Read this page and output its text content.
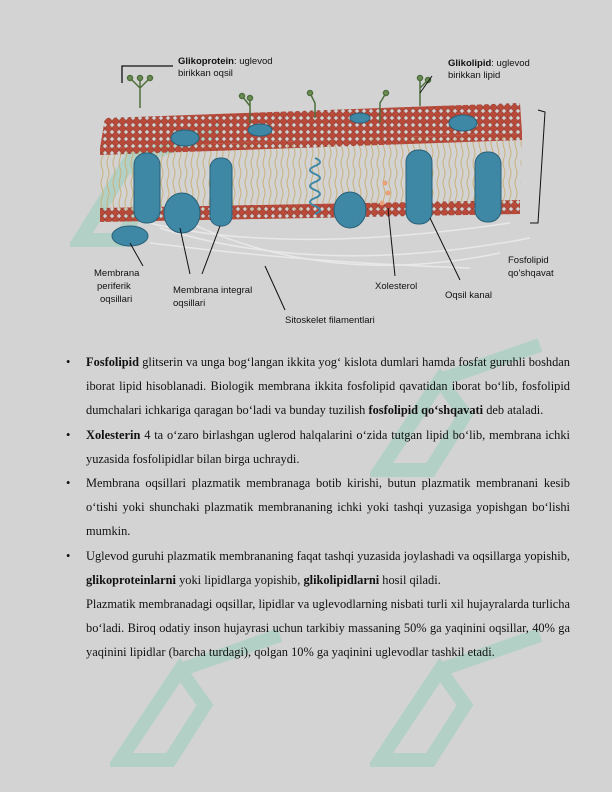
Glikoprotein: uglevod
birikkan oqsil
Glikolipid: uglevod
birikkan lipid
Fosfolipid
qo'shqavat
Membrana
periferik
oqsillari
Membrana integral
oqsillari
Xolesterol
Oqsil kanal
Sitoskelet filamentlari
• Fosfolipid glitserin va unga bog‘langan ikkita yog‘ kislota dumlari hamda fosfat guruhli boshdan iborat lipid hisoblanadi. Biologik membrana ikkita fosfolipid qavatidan iborat bo‘lib, fosfolipid dumchalari ichkariga qaragan bo‘ladi va bunday tuzilish fosfolipid qo‘shqavati deb ataladi.
• Xolesterin 4 ta o‘zaro birlashgan uglerod halqalarini o‘zida tutgan lipid bo‘lib, membrana ichki yuzasida fosfolipidlar bilan birga uchraydi.
• Membrana oqsillari plazmatik membranaga botib kirishi, butun plazmatik membranani kesib o‘tishi yoki shunchaki plazmatik membrananing ichki yoki tashqi yuzasiga yopishgan bo‘lishi mumkin.
• Uglevod guruhi plazmatik membrananing faqat tashqi yuzasida joylashadi va oqsillarga yopishib, glikoproteinlarni yoki lipidlarga yopishib, glikolipidlarni hosil qiladi.
Plazmatik membranadagi oqsillar, lipidlar va uglevodlarning nisbati turli xil hujayralarda turlicha bo‘ladi. Biroq odatiy inson hujayrasi uchun tarkibiy massaning 50% ga yaqinini oqsillar, 40% ga yaqinini lipidlar (barcha turdagi), qolgan 10% ga yaqinini uglevodlar tashkil etadi.
